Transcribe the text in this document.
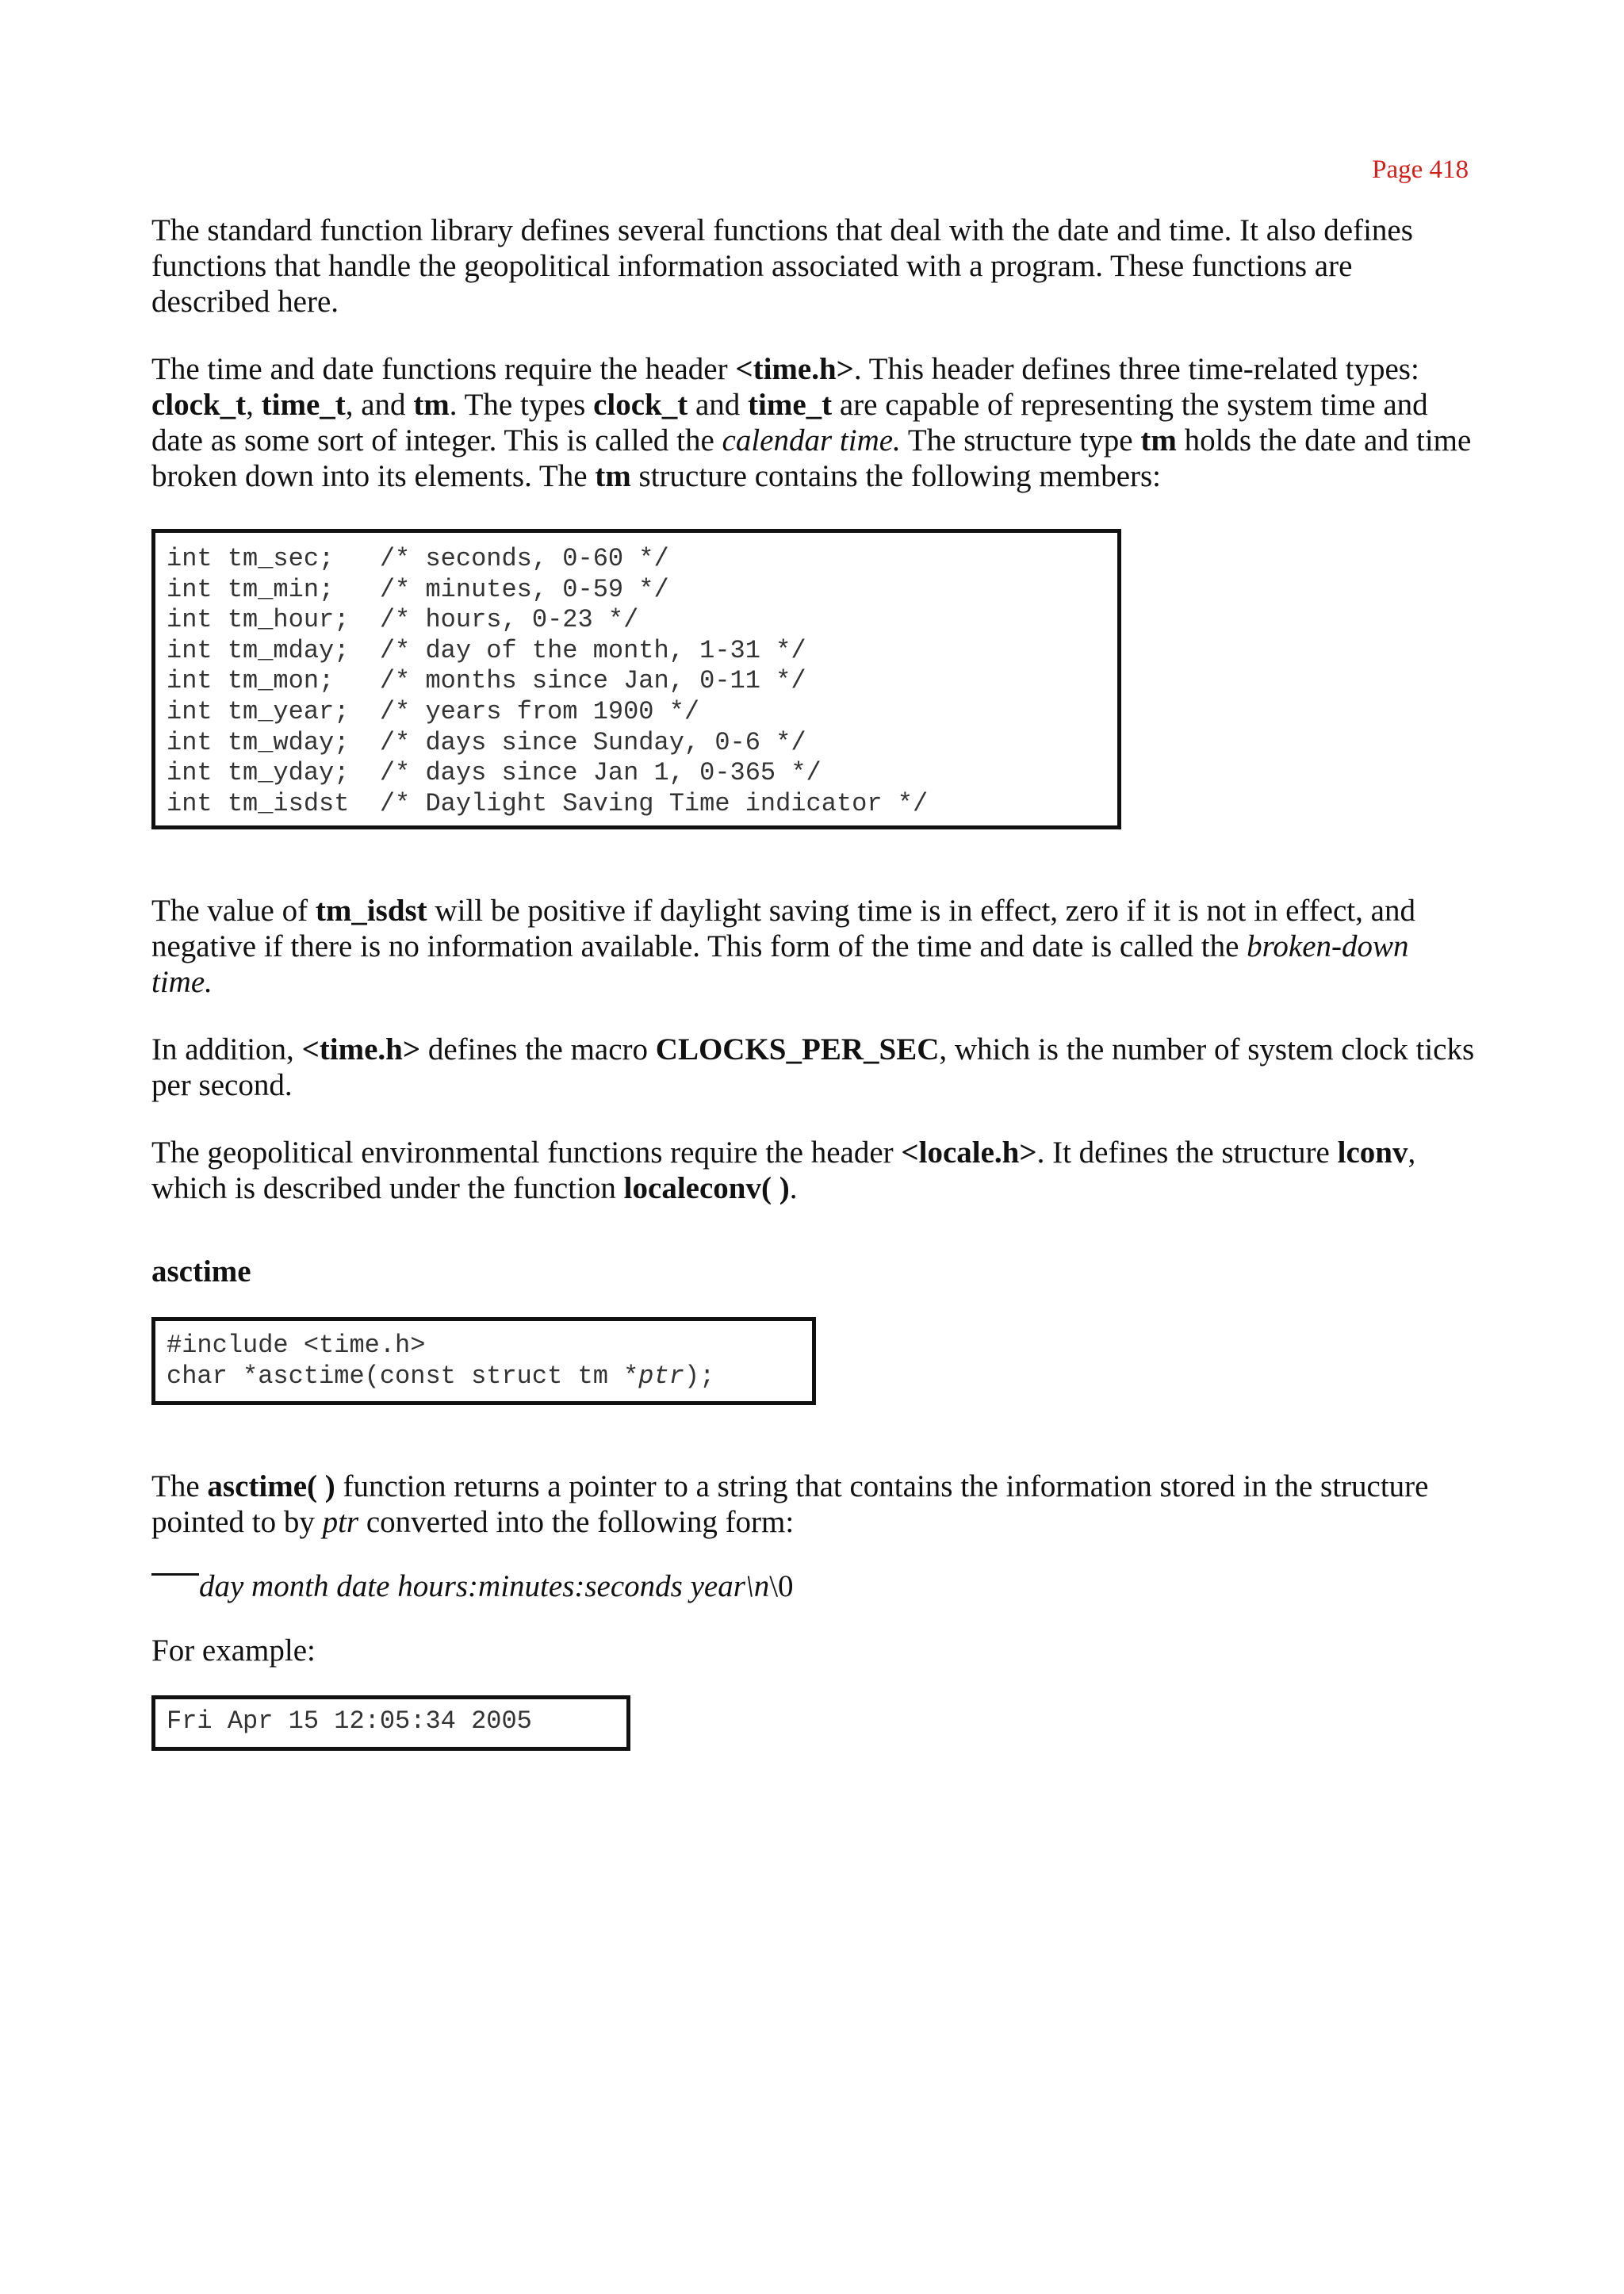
Page 418

The standard function library defines several functions that deal with the date and time. It also defines functions that handle the geopolitical information associated with a program. These functions are described here.

The time and date functions require the header <time.h>. This header defines three time-related types: clock_t, time_t, and tm. The types clock_t and time_t are capable of representing the system time and date as some sort of integer. This is called the calendar time. The structure type tm holds the date and time broken down into its elements. The tm structure contains the following members:

int tm_sec;   /* seconds, 0-60 */
int tm_min;   /* minutes, 0-59 */
int tm_hour;  /* hours, 0-23 */
int tm_mday;  /* day of the month, 1-31 */
int tm_mon;   /* months since Jan, 0-11 */
int tm_year;  /* years from 1900 */
int tm_wday;  /* days since Sunday, 0-6 */
int tm_yday;  /* days since Jan 1, 0-365 */
int tm_isdst  /* Daylight Saving Time indicator */

The value of tm_isdst will be positive if daylight saving time is in effect, zero if it is not in effect, and negative if there is no information available. This form of the time and date is called the broken-down time.

In addition, <time.h> defines the macro CLOCKS_PER_SEC, which is the number of system clock ticks per second.

The geopolitical environmental functions require the header <locale.h>. It defines the structure lconv, which is described under the function localeconv( ).

asctime
#include <time.h>
char *asctime(const struct tm *ptr);

The asctime( ) function returns a pointer to a string that contains the information stored in the structure pointed to by ptr converted into the following form:

day month date hours:minutes:seconds year\n\0

For example:

Fri Apr 15 12:05:34 2005
